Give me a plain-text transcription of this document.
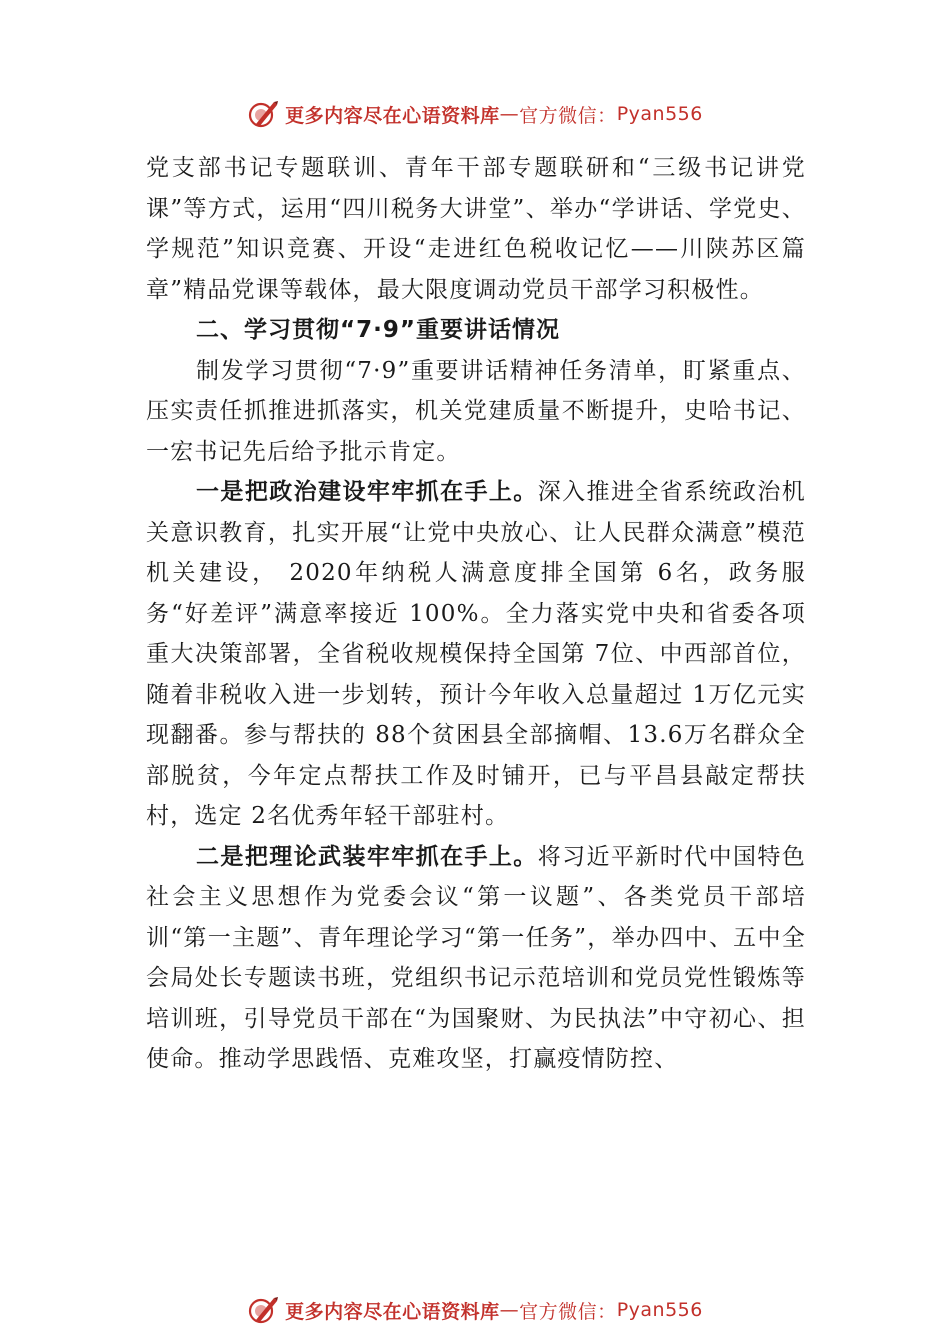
更多内容尽在心语资料库 — 官方微信： Pyan556

党支部书记专题联训、青年干部专题联研和“三级书记讲党课”等方式，运用“四川税务大讲堂”、举办“学讲话、学党史、学规范”知识竞赛、开设“走进红色税收记忆——川陕苏区篇章”精品党课等载体，最大限度调动党员干部学习积极性。

二、学习贯彻“7·9”重要讲话情况

制发学习贯彻“7·9”重要讲话精神任务清单，盯紧重点、压实责任抓推进抓落实，机关党建质量不断提升，史哈书记、一宏书记先后给予批示肯定。

一是把政治建设牢牢抓在手上。深入推进全省系统政治机关意识教育，扎实开展“让党中央放心、让人民群众满意”模范机关建设， 2020年纳税人满意度排全国第 6名，政务服务“好差评”满意率接近 100%。全力落实党中央和省委各项重大决策部署，全省税收规模保持全国第 7位、中西部首位，随着非税收入进一步划转，预计今年收入总量超过 1万亿元实现翻番。参与帮扶的 88个贫困县全部摘帽、13.6万名群众全部脱贫，今年定点帮扶工作及时铺开，已与平昌县敲定帮扶村，选定 2名优秀年轻干部驻村。

二是把理论武装牢牢抓在手上。将习近平新时代中国特色社会主义思想作为党委会议“第一议题”、各类党员干部培训“第一主题”、青年理论学习“第一任务”，举办四中、五中全会局处长专题读书班，党组织书记示范培训和党员党性锻炼等培训班，引导党员干部在“为国聚财、为民执法”中守初心、担使命。推动学思践悟、克难攻坚，打赢疫情防控、

更多内容尽在心语资料库 — 官方微信： Pyan556
